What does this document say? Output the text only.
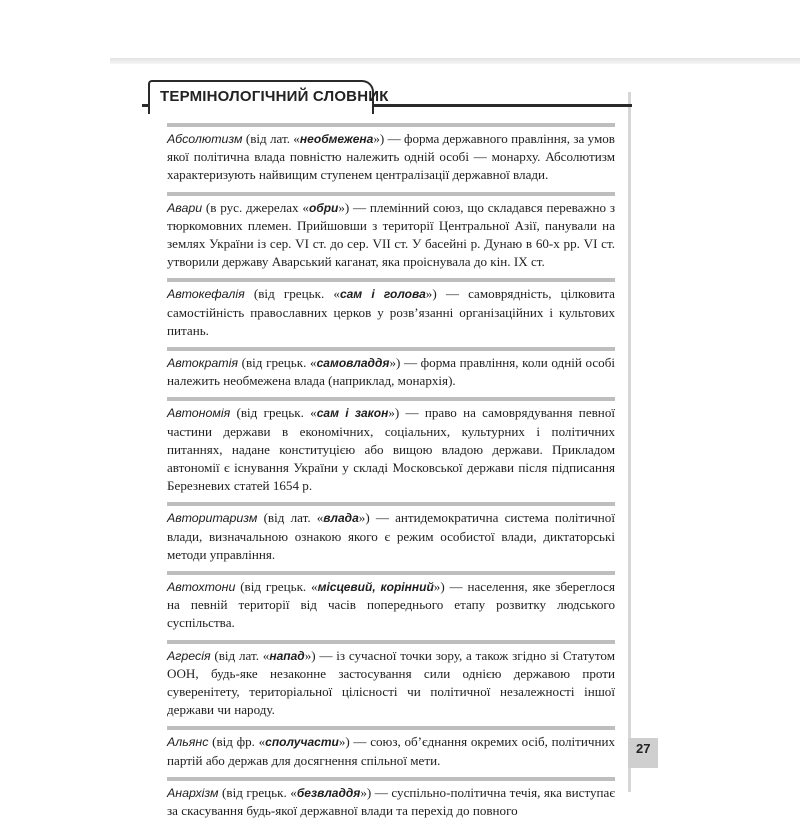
ТЕРМІНОЛОГІЧНИЙ СЛОВНИК
Абсолютизм (від лат. «необмежена») — форма державного правління, за умов якої політична влада повністю належить одній особі — монарху. Абсолютизм характеризують найвищим ступенем централізації державної влади.
Авари (в рус. джерелах «обри») — племінний союз, що складався переважно з тюркомовних племен. Прийшовши з території Центральної Азії, панували на землях України із сер. VI ст. до сер. VII ст. У басейні р. Дунаю в 60-х рр. VI ст. утворили державу Аварський каганат, яка проіснувала до кін. IX ст.
Автокефалія (від грецьк. «сам і голова») — самоврядність, цілковита самостійність православних церков у розв’язанні організаційних і культових питань.
Автократія (від грецьк. «самовладдя») — форма правління, коли одній особі належить необмежена влада (наприклад, монархія).
Автономія (від грецьк. «сам і закон») — право на самоврядування певної частини держави в економічних, соціальних, культурних і політичних питаннях, надане конституцією або вищою владою держави. Прикладом автономії є існування України у складі Московської держави після підписання Березневих статей 1654 р.
Авторитаризм (від лат. «влада») — антидемократична система політичної влади, визначальною ознакою якого є режим особистої влади, диктаторські методи управління.
Автохтони (від грецьк. «місцевий, корінний») — населення, яке збереглося на певній території від часів попереднього етапу розвитку людського суспільства.
Агресія (від лат. «напад») — із сучасної точки зору, а також згідно зі Статутом ООН, будь-яке незаконне застосування сили однією державою проти суверенітету, територіальної цілісності чи політичної незалежності іншої держави чи народу.
Альянс (від фр. «сполучасти») — союз, об’єднання окремих осіб, політичних партій або держав для досягнення спільної мети.
Анархізм (від грецьк. «безвладдя») — суспільно-політична течія, яка виступає за скасування будь-якої державної влади та перехід до повного
27
